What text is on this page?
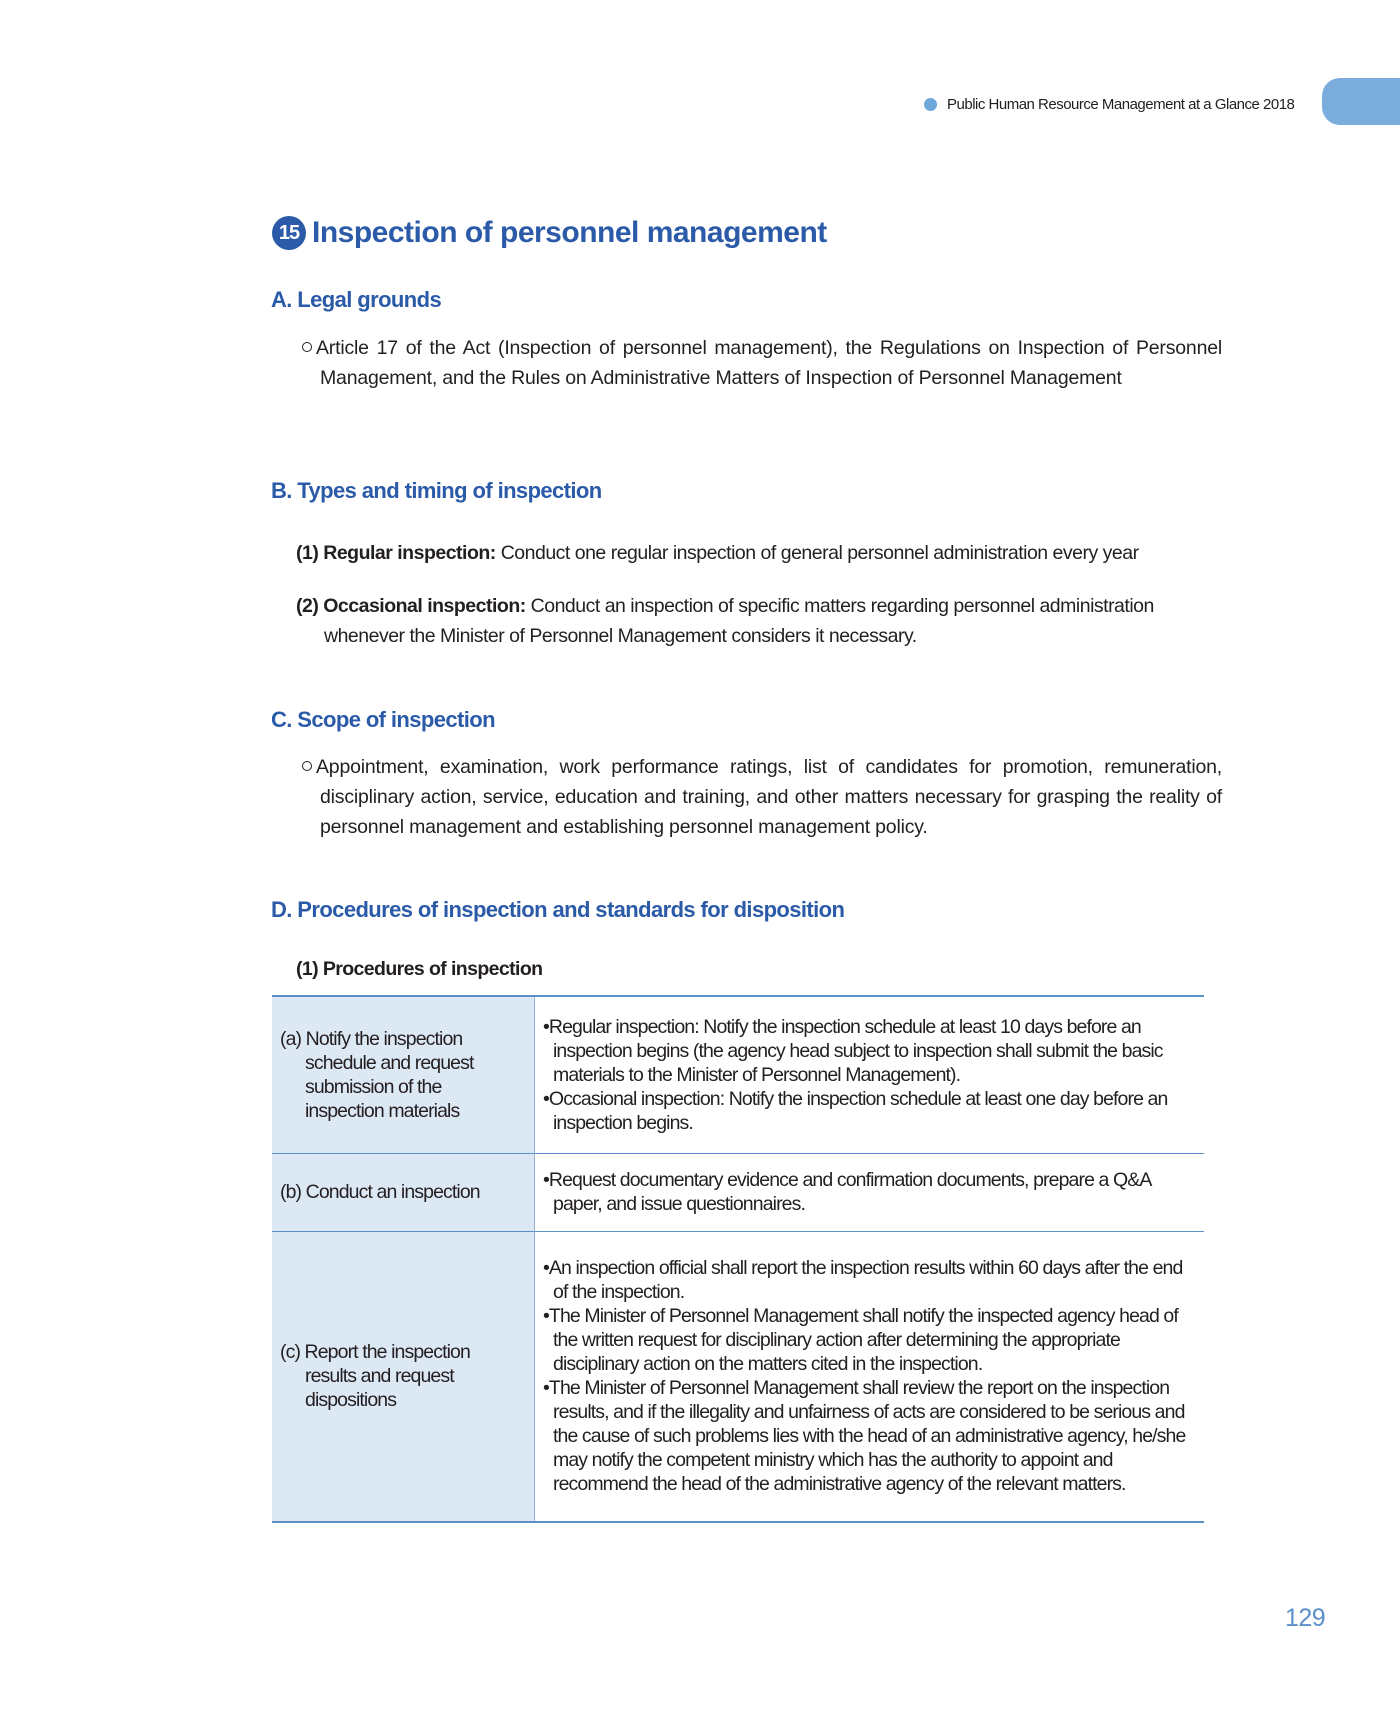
Public Human Resource Management at a Glance 2018
15 Inspection of personnel management
A. Legal grounds
Article 17 of the Act (Inspection of personnel management), the Regulations on Inspection of Personnel Management, and the Rules on Administrative Matters of Inspection of Personnel Management
B. Types and timing of inspection
(1) Regular inspection: Conduct one regular inspection of general personnel administration every year
(2) Occasional inspection: Conduct an inspection of specific matters regarding personnel administration whenever the Minister of Personnel Management considers it necessary.
C. Scope of inspection
Appointment, examination, work performance ratings, list of candidates for promotion, remuneration, disciplinary action, service, education and training, and other matters necessary for grasping the reality of personnel management and establishing personnel management policy.
D. Procedures of inspection and standards for disposition
(1) Procedures of inspection
(a) Notify the inspection schedule and request submission of the inspection materials	•Regular inspection: Notify the inspection schedule at least 10 days before an inspection begins (the agency head subject to inspection shall submit the basic materials to the Minister of Personnel Management).
•Occasional inspection: Notify the inspection schedule at least one day before an inspection begins.

(b) Conduct an inspection	•Request documentary evidence and confirmation documents, prepare a Q&A paper, and issue questionnaires.

(c) Report the inspection results and request dispositions	•An inspection official shall report the inspection results within 60 days after the end of the inspection.
•The Minister of Personnel Management shall notify the inspected agency head of the written request for disciplinary action after determining the appropriate disciplinary action on the matters cited in the inspection.
•The Minister of Personnel Management shall review the report on the inspection results, and if the illegality and unfairness of acts are considered to be serious and the cause of such problems lies with the head of an administrative agency, he/she may notify the competent ministry which has the authority to appoint and recommend the head of the administrative agency of the relevant matters.
129
